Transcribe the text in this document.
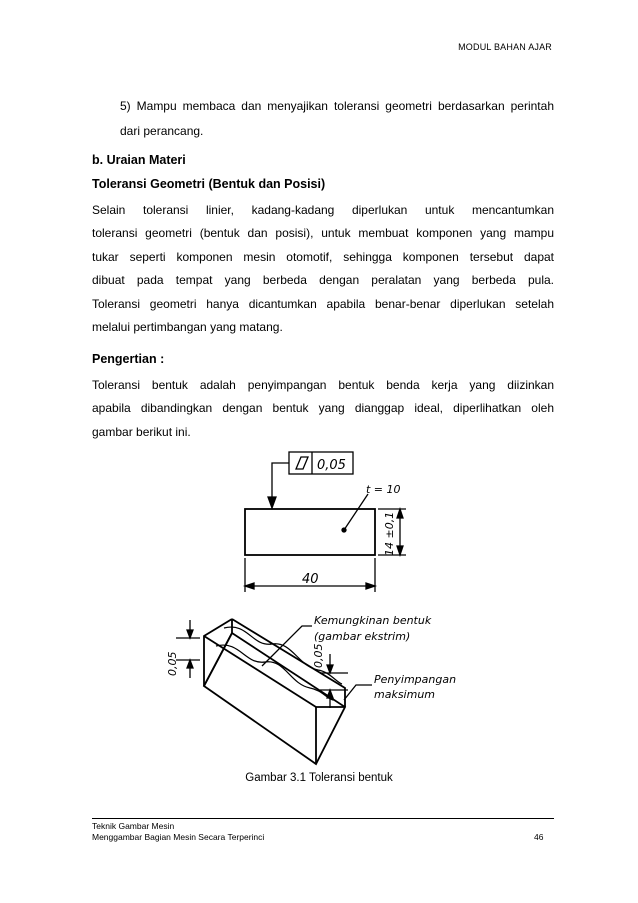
MODUL BAHAN AJAR
5) Mampu membaca dan menyajikan toleransi geometri berdasarkan perintah
dari perancang.
b. Uraian Materi
Toleransi Geometri (Bentuk dan Posisi)
Selain toleransi linier, kadang-kadang diperlukan untuk mencantumkan
toleransi geometri (bentuk dan posisi), untuk membuat komponen yang mampu
tukar seperti komponen mesin otomotif, sehingga komponen tersebut dapat
dibuat pada tempat yang berbeda dengan peralatan yang berbeda pula.
Toleransi geometri hanya dicantumkan apabila benar-benar diperlukan setelah
melalui pertimbangan yang matang.
Pengertian :
Toleransi bentuk adalah penyimpangan bentuk benda kerja yang diizinkan
apabila dibandingkan dengan bentuk yang dianggap ideal, diperlihatkan oleh
gambar berikut ini.
0,05
t = 10
14 ±0,1
40
Kemungkinan bentuk
(gambar ekstrim)
0,05	0,05
Penyimpangan
maksimum
Gambar 3.1 Toleransi bentuk
Teknik Gambar Mesin
Menggambar Bagian Mesin Secara Terperinci	46
